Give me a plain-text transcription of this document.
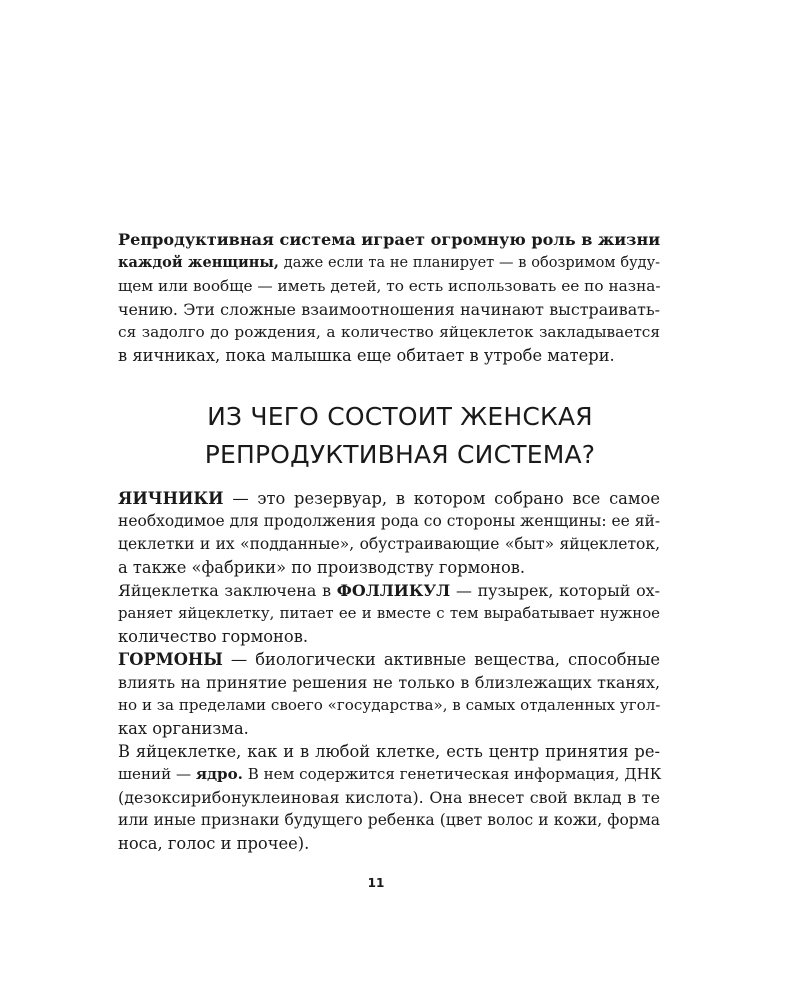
Репродуктивная система играет огромную роль в жизни
каждой женщины, даже если та не планирует — в обозримом буду-
щем или вообще — иметь детей, то есть использовать ее по назна-
чению. Эти сложные взаимоотношения начинают выстраивать-
ся задолго до рождения, а количество яйцеклеток закладывается
в яичниках, пока малышка еще обитает в утробе матери.
ИЗ ЧЕГО СОСТОИТ ЖЕНСКАЯ
РЕПРОДУКТИВНАЯ СИСТЕМА?
ЯИЧНИКИ — это резервуар, в котором собрано все самое
необходимое для продолжения рода со стороны женщины: ее яй-
цеклетки и их «подданные», обустраивающие «быт» яйцеклеток,
а также «фабрики» по производству гормонов.
Яйцеклетка заключена в ФОЛЛИКУЛ — пузырек, который ох-
раняет яйцеклетку, питает ее и вместе с тем вырабатывает нужное
количество гормонов.
ГОРМОНЫ — биологически активные вещества, способные
влиять на принятие решения не только в близлежащих тканях,
но и за пределами своего «государства», в самых отдаленных угол-
ках организма.
В яйцеклетке, как и в любой клетке, есть центр принятия ре-
шений — ядро. В нем содержится генетическая информация, ДНК
(дезоксирибонуклеиновая кислота). Она внесет свой вклад в те
или иные признаки будущего ребенка (цвет волос и кожи, форма
носа, голос и прочее).
11
